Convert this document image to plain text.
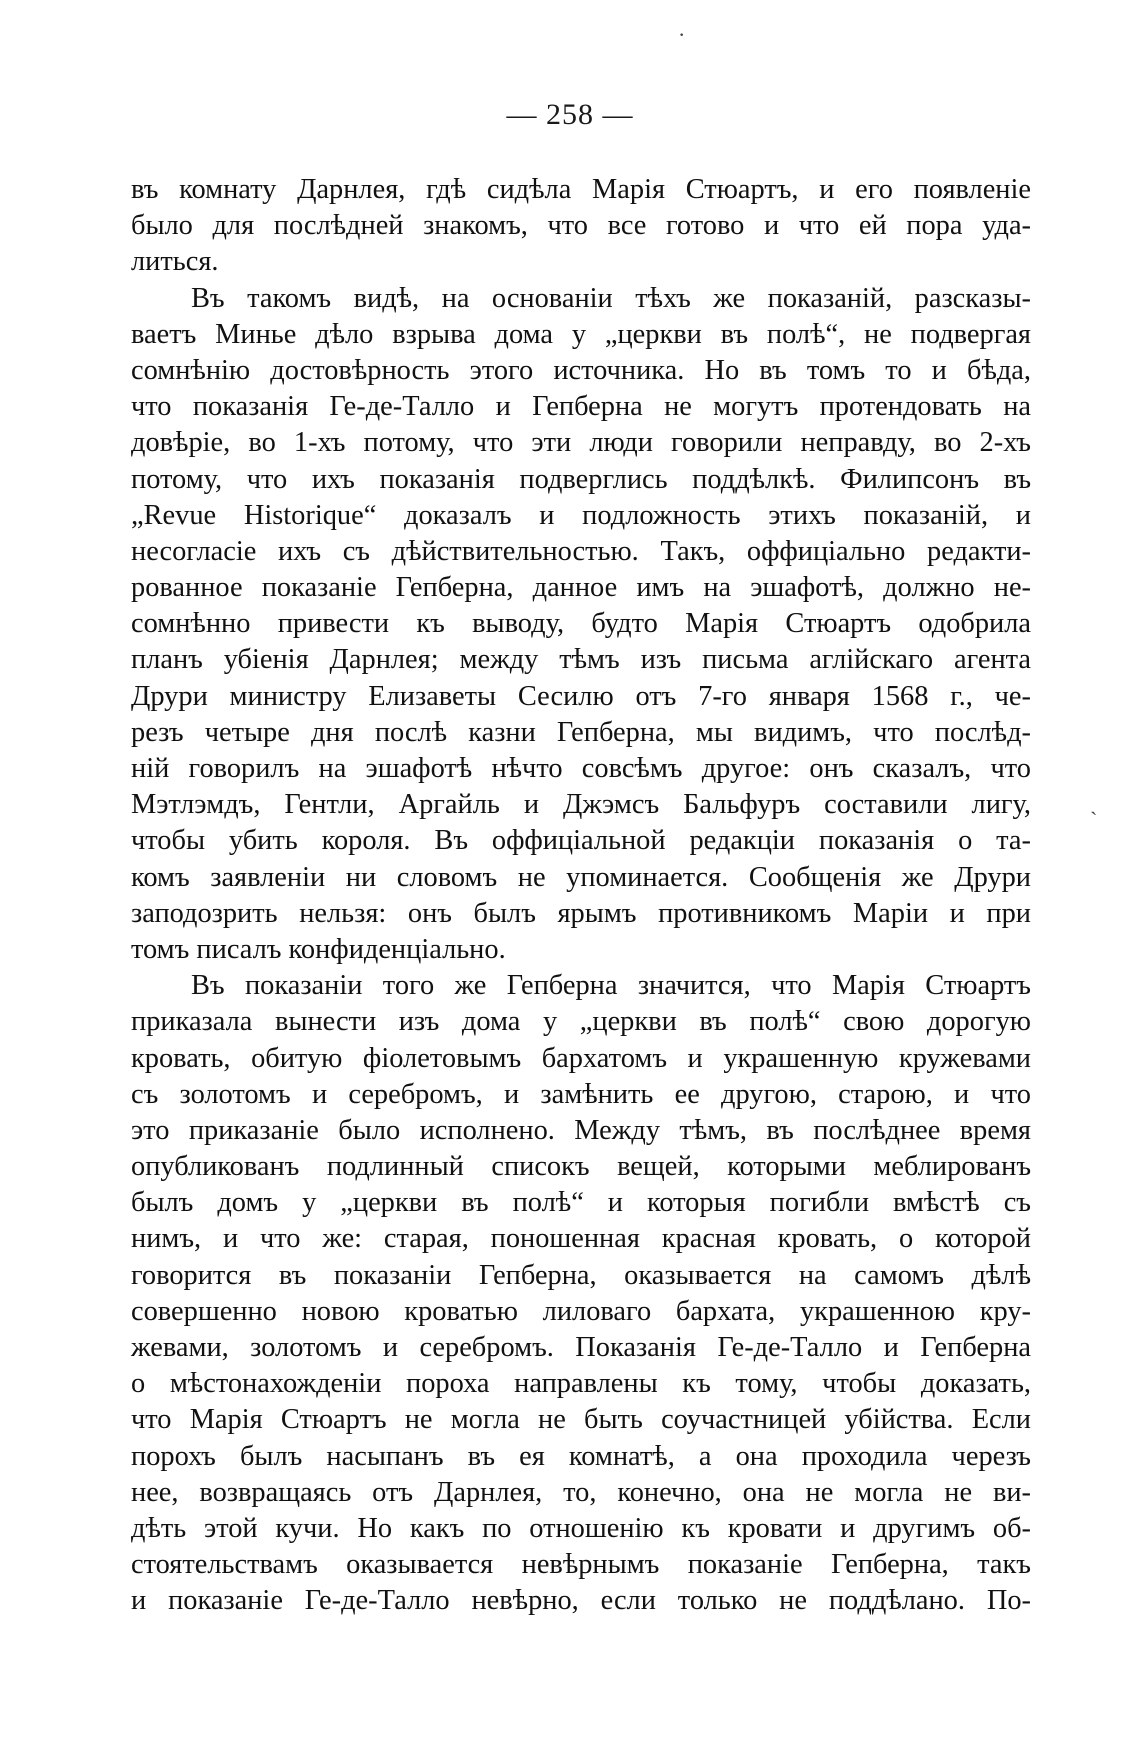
— 258 —
въ комнату Дарнлея, гдѣ сидѣла Марія Стюартъ, и его появленіе
было для послѣдней знакомъ, что все готово и что ей пора уда-
литься.
Въ такомъ видѣ, на основаніи тѣхъ же показаній, разсказы-
ваетъ Минье дѣло взрыва дома у „церкви въ полѣ“, не подвергая
сомнѣнію достовѣрность этого источника. Но въ томъ то и бѣда,
что показанія Ге-де-Талло и Гепберна не могутъ протендовать на
довѣріе, во 1-хъ потому, что эти люди говорили неправду, во 2-хъ
потому, что ихъ показанія подверглись поддѣлкѣ. Филипсонъ въ
„Revue Historique“ доказалъ и подложность этихъ показаній, и
несогласіе ихъ съ дѣйствительностью. Такъ, оффиціально редакти-
рованное показаніе Гепберна, данное имъ на эшафотѣ, должно не-
сомнѣнно привести къ выводу, будто Марія Стюартъ одобрила
планъ убіенія Дарнлея; между тѣмъ изъ письма аглійскаго агента
Друри министру Елизаветы Сесилю отъ 7-го января 1568 г., че-
резъ четыре дня послѣ казни Гепберна, мы видимъ, что послѣд-
ній говорилъ на эшафотѣ нѣчто совсѣмъ другое: онъ сказалъ, что
Мэтлэмдъ, Гентли, Аргайль и Джэмсъ Бальфуръ составили лигу,
чтобы убить короля. Въ оффиціальной редакціи показанія о та-
комъ заявленіи ни словомъ не упоминается. Сообщенія же Друри
заподозрить нельзя: онъ былъ ярымъ противникомъ Маріи и при
томъ писалъ конфиденціально.
Въ показаніи того же Гепберна значится, что Марія Стюартъ
приказала вынести изъ дома у „церкви въ полѣ“ свою дорогую
кровать, обитую фіолетовымъ бархатомъ и украшенную кружевами
съ золотомъ и серебромъ, и замѣнить ее другою, старою, и что
это приказаніе было исполнено. Между тѣмъ, въ послѣднее время
опубликованъ подлинный списокъ вещей, которыми меблированъ
былъ домъ у „церкви въ полѣ“ и которыя погибли вмѣстѣ съ
нимъ, и что же: старая, поношенная красная кровать, о которой
говорится въ показаніи Гепберна, оказывается на самомъ дѣлѣ
совершенно новою кроватью лиловаго бархата, украшенною кру-
жевами, золотомъ и серебромъ. Показанія Ге-де-Талло и Гепберна
о мѣстонахожденіи пороха направлены къ тому, чтобы доказать,
что Марія Стюартъ не могла не быть соучастницей убійства. Если
порохъ былъ насыпанъ въ ея комнатѣ, а она проходила черезъ
нее, возвращаясь отъ Дарнлея, то, конечно, она не могла не ви-
дѣть этой кучи. Но какъ по отношенію къ кровати и другимъ об-
стоятельствамъ оказывается невѣрнымъ показаніе Гепберна, такъ
и показаніе Ге-де-Талло невѣрно, если только не поддѣлано. По-
·
ˏ
